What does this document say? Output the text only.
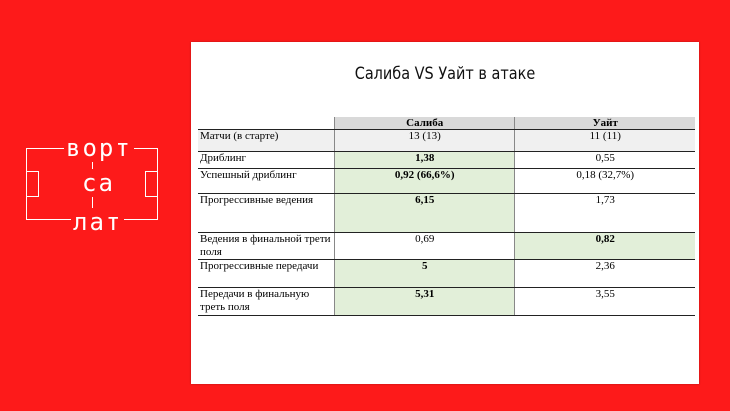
ворт
са
лат
Салиба VS Уайт в атаке
	Салиба	Уайт
Матчи (в старте)	13 (13)	11 (11)
Дриблинг	1,38	0,55
Успешный дриблинг	0,92 (66,6%)	0,18 (32,7%)
Прогрессивные ведения	6,15	1,73
Ведения в финальной трети поля	0,69	0,82
Прогрессивные передачи	5	2,36
Передачи в финальную треть поля	5,31	3,55
